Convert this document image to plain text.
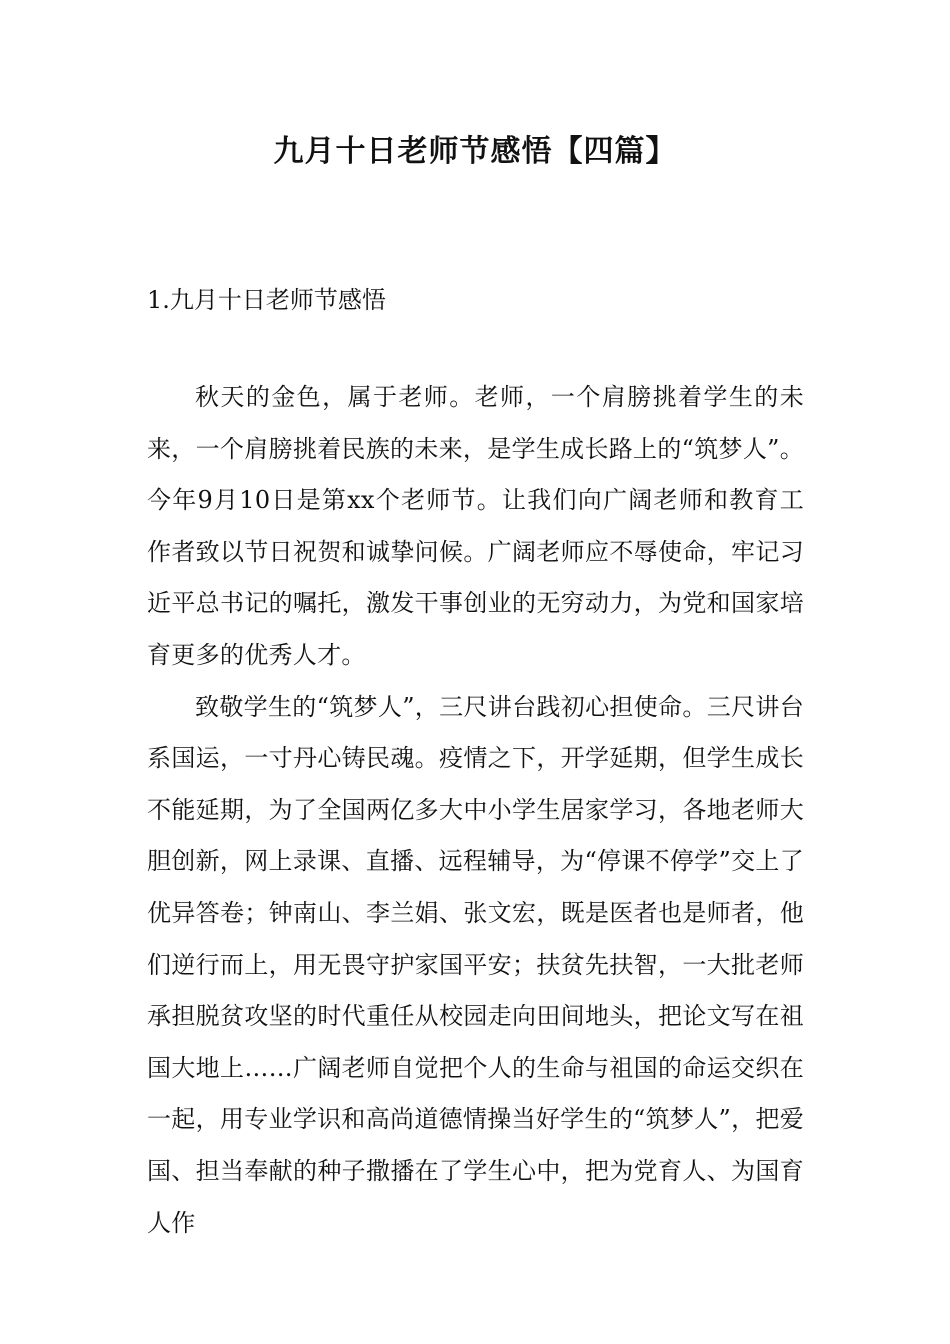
九月十日老师节感悟【四篇】
1.九月十日老师节感悟

秋天的金色，属于老师。老师，一个肩膀挑着学生的未来，一个肩膀挑着民族的未来，是学生成长路上的“筑梦人”。今年9月10日是第xx个老师节。让我们向广阔老师和教育工作者致以节日祝贺和诚挚问候。广阔老师应不辱使命，牢记习近平总书记的嘱托，激发干事创业的无穷动力，为党和国家培育更多的优秀人才。

致敬学生的“筑梦人”，三尺讲台践初心担使命。三尺讲台系国运，一寸丹心铸民魂。疫情之下，开学延期，但学生成长不能延期，为了全国两亿多大中小学生居家学习，各地老师大胆创新，网上录课、直播、远程辅导，为“停课不停学”交上了优异答卷；钟南山、李兰娟、张文宏，既是医者也是师者，他们逆行而上，用无畏守护家国平安；扶贫先扶智，一大批老师承担脱贫攻坚的时代重任从校园走向田间地头，把论文写在祖国大地上……广阔老师自觉把个人的生命与祖国的命运交织在一起，用专业学识和高尚道德情操当好学生的“筑梦人”，把爱国、担当奉献的种子撒播在了学生心中，把为党育人、为国育人作
